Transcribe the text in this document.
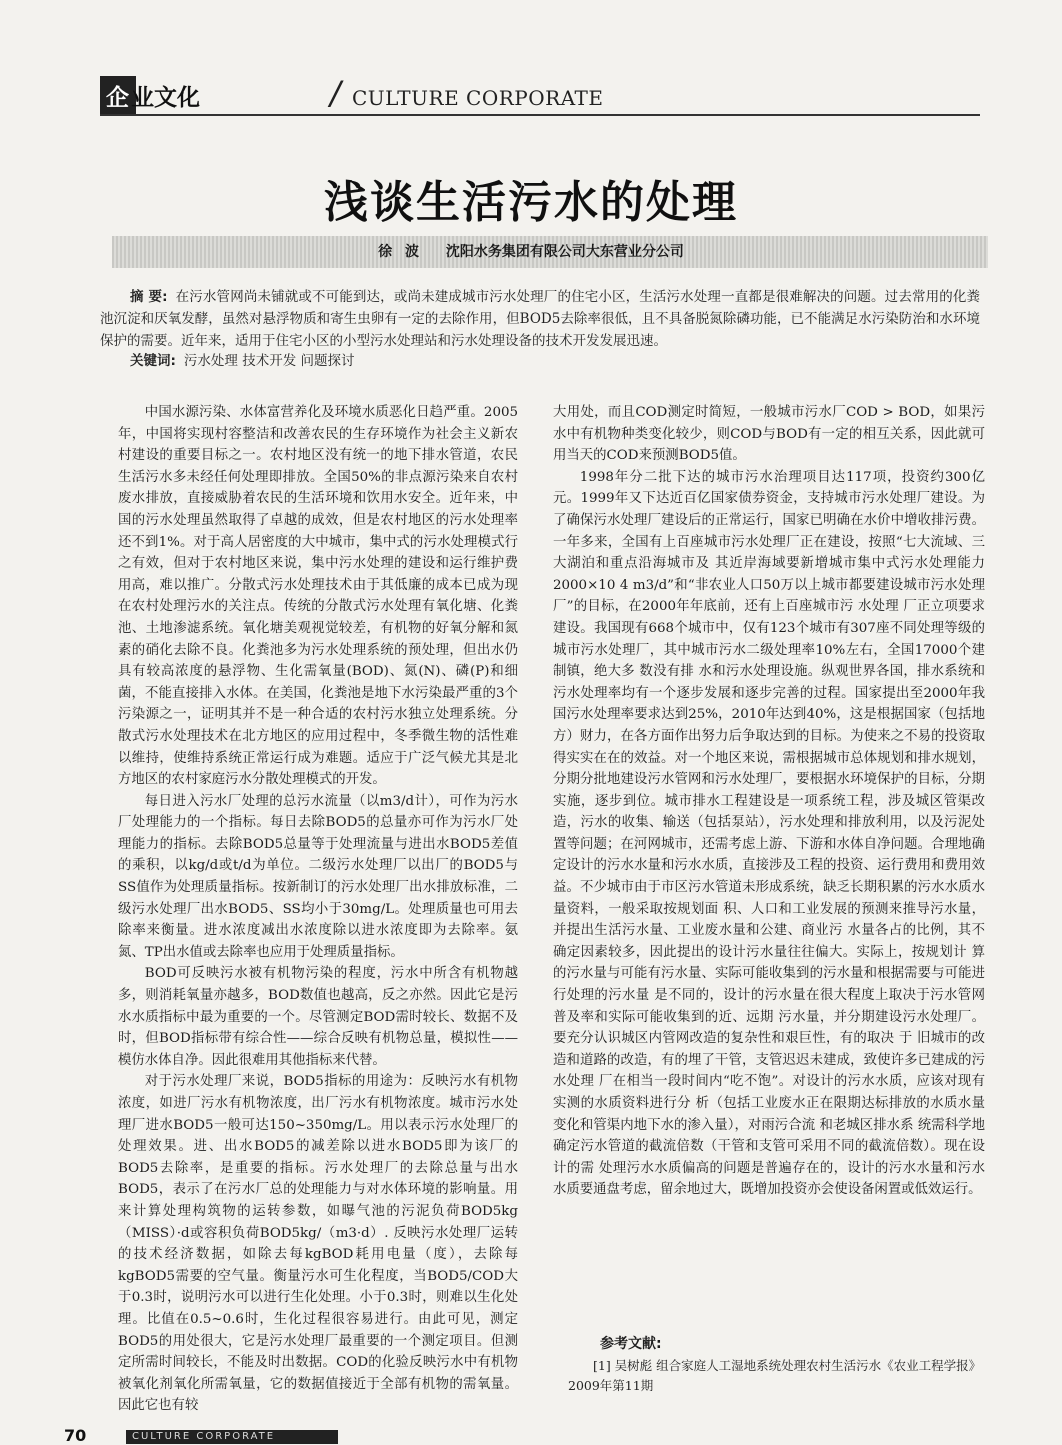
企 业文化	/ CULTURE CORPORATE
浅谈生活污水的处理
徐 波 沈阳水务集团有限公司大东营业分公司
摘 要: 在污水管网尚未铺就或不可能到达，或尚未建成城市污水处理厂的住宅小区，生活污水处理一直都是很难解决的问题。过去常用的化粪池沉淀和厌氧发酵，虽然对悬浮物质和寄生虫卵有一定的去除作用，但BOD5去除率很低，且不具备脱氮除磷功能，已不能满足水污染防治和水环境保护的需要。近年来，适用于住宅小区的小型污水处理站和污水处理设备的技术开发发展迅速。
关键词: 污水处理 技术开发 问题探讨

中国水源污染、水体富营养化及环境水质恶化日趋严重。2005年，中国将实现村容整洁和改善农民的生存环境作为社会主义新农村建设的重要目标之一。农村地区没有统一的地下排水管道，农民生活污水多未经任何处理即排放。全国50%的非点源污染来自农村废水排放，直接威胁着农民的生活环境和饮用水安全。近年来，中国的污水处理虽然取得了卓越的成效，但是农村地区的污水处理率还不到1%。对于高人居密度的大中城市，集中式的污水处理模式行之有效，但对于农村地区来说，集中污水处理的建设和运行维护费用高，难以推广。分散式污水处理技术由于其低廉的成本已成为现在农村处理污水的关注点。传统的分散式污水处理有氧化塘、化粪池、土地渗滤系统。氧化塘美观视觉较差，有机物的好氧分解和氮素的硝化去除不良。化粪池多为污水处理系统的预处理，但出水仍具有较高浓度的悬浮物、生化需氧量(BOD)、氮(N)、磷(P)和细菌，不能直接排入水体。在美国，化粪池是地下水污染最严重的3个污染源之一，证明其并不是一种合适的农村污水独立处理系统。分散式污水处理技术在北方地区的应用过程中，冬季微生物的活性难以维持，使维持系统正常运行成为难题。适应于广泛气候尤其是北方地区的农村家庭污水分散处理模式的开发。

每日进入污水厂处理的总污水流量（以m3/d计），可作为污水厂处理能力的一个指标。每日去除BOD5的总量亦可作为污水厂处理能力的指标。去除BOD5总量等于处理流量与进出水BOD5差值的乘积，以kg/d或t/d为单位。二级污水处理厂以出厂的BOD5与SS值作为处理质量指标。按新制订的污水处理厂出水排放标准，二级污水处理厂出水BOD5、SS均小于30mg/L。处理质量也可用去除率来衡量。进水浓度减出水浓度除以进水浓度即为去除率。氨氮、TP出水值或去除率也应用于处理质量指标。

BOD可反映污水被有机物污染的程度，污水中所含有机物越多，则消耗氧量亦越多，BOD数值也越高，反之亦然。因此它是污水水质指标中最为重要的一个。尽管测定BOD需时较长、数据不及时，但BOD指标带有综合性——综合反映有机物总量，模拟性——模仿水体自净。因此很难用其他指标来代替。

对于污水处理厂来说，BOD5指标的用途为：反映污水有机物浓度，如进厂污水有机物浓度，出厂污水有机物浓度。城市污水处理厂进水BOD5一般可达150~350mg/L。用以表示污水处理厂的处理效果。进、出水BOD5的减差除以进水BOD5即为该厂的BOD5去除率，是重要的指标。污水处理厂的去除总量与出水BOD5，表示了在污水厂总的处理能力与对水体环境的影响量。用来计算处理构筑物的运转参数，如曝气池的污泥负荷BOD5kg（MISS）·d或容积负荷BOD5kg/（m3·d）. 反映污水处理厂运转的技术经济数据，如除去每kgBOD耗用电量（度），去除每kgBOD5需要的空气量。衡量污水可生化程度，当BOD5/COD大于0.3时，说明污水可以进行生化处理。小于0.3时，则难以生化处理。比值在0.5~0.6时，生化过程很容易进行。由此可见，测定BOD5的用处很大，它是污水处理厂最重要的一个测定项目。但测定所需时间较长，不能及时出数据。COD的化验反映污水中有机物被氧化剂氧化所需氧量，它的数据值接近于全部有机物的需氧量。因此它也有较

大用处，而且COD测定时简短，一般城市污水厂COD > BOD，如果污水中有机物种类变化较少，则COD与BOD有一定的相互关系，因此就可用当天的COD来预测BOD5值。

1998年分二批下达的城市污水治理项目达117项，投资约300亿元。1999年又下达近百亿国家债券资金，支持城市污水处理厂建设。为了确保污水处理厂建设后的正常运行，国家已明确在水价中增收排污费。一年多来，全国有上百座城市污水处理厂正在建设，按照“七大流域、三大湖泊和重点沿海城市及 其近岸海域要新增城市集中式污水处理能力2000×10 4 m3/d”和“非农业人口50万以上城市都要建设城市污水处理厂”的目标，在2000年年底前，还有上百座城市污 水处理 厂正立项要求建设。我国现有668个城市中，仅有123个城市有307座不同处理等级的 城市污水处理厂，其中城市污水二级处理率10%左右，全国17000个建制镇，绝大多 数没有排 水和污水处理设施。纵观世界各国，排水系统和污水处理率均有一个逐步发展和逐步完善的过程。国家提出至2000年我国污水处理率要求达到25%，2010年达到40%，这是根据国家（包括地方）财力，在各方面作出努力后争取达到的目标。为使来之不易的投资取得实实在在的效益。对一个地区来说，需根据城市总体规划和排水规划，分期分批地建设污水管网和污水处理厂，要根据水环境保护的目标，分期实施，逐步到位。城市排水工程建设是一项系统工程，涉及城区管渠改造，污水的收集、输送（包括泵站），污水处理和排放利用，以及污泥处置等问题；在河网城市，还需考虑上游、下游和水体自净问题。合理地确定设计的污水水量和污水水质，直接涉及工程的投资、运行费用和费用效益。不少城市由于市区污水管道未形成系统，缺乏长期积累的污水水质水量资料，一般采取按规划面 积、人口和工业发展的预测来推导污水量，并提出生活污水量、工业废水量和公建、商业污 水量各占的比例，其不确定因素较多，因此提出的设计污水量往往偏大。实际上，按规划计 算的污水量与可能有污水量、实际可能收集到的污水量和根据需要与可能进行处理的污水量 是不同的，设计的污水量在很大程度上取决于污水管网普及率和实际可能收集到的近、远期 污水量，并分期建设污水处理厂。要充分认识城区内管网改造的复杂性和艰巨性，有的取决 于 旧城市的改造和道路的改造，有的埋了干管，支管迟迟未建成，致使许多已建成的污水处理 厂在相当一段时间内“吃不饱”。对设计的污水水质，应该对现有实测的水质资料进行分 析（包括工业废水正在限期达标排放的水质水量变化和管渠内地下水的渗入量），对雨污合流 和老城区排水系 统需科学地确定污水管道的截流倍数（干管和支管可采用不同的截流倍数）。现在设计的需 处理污水水质偏高的问题是普遍存在的，设计的污水水量和污水水质要通盘考虑，留余地过大，既增加投资亦会使设备闲置或低效运行。

参考文献:
[1] 吴树彪 组合家庭人工湿地系统处理农村生活污水《农业工程学报》2009年第11期
70	CULTURE CORPORATE
